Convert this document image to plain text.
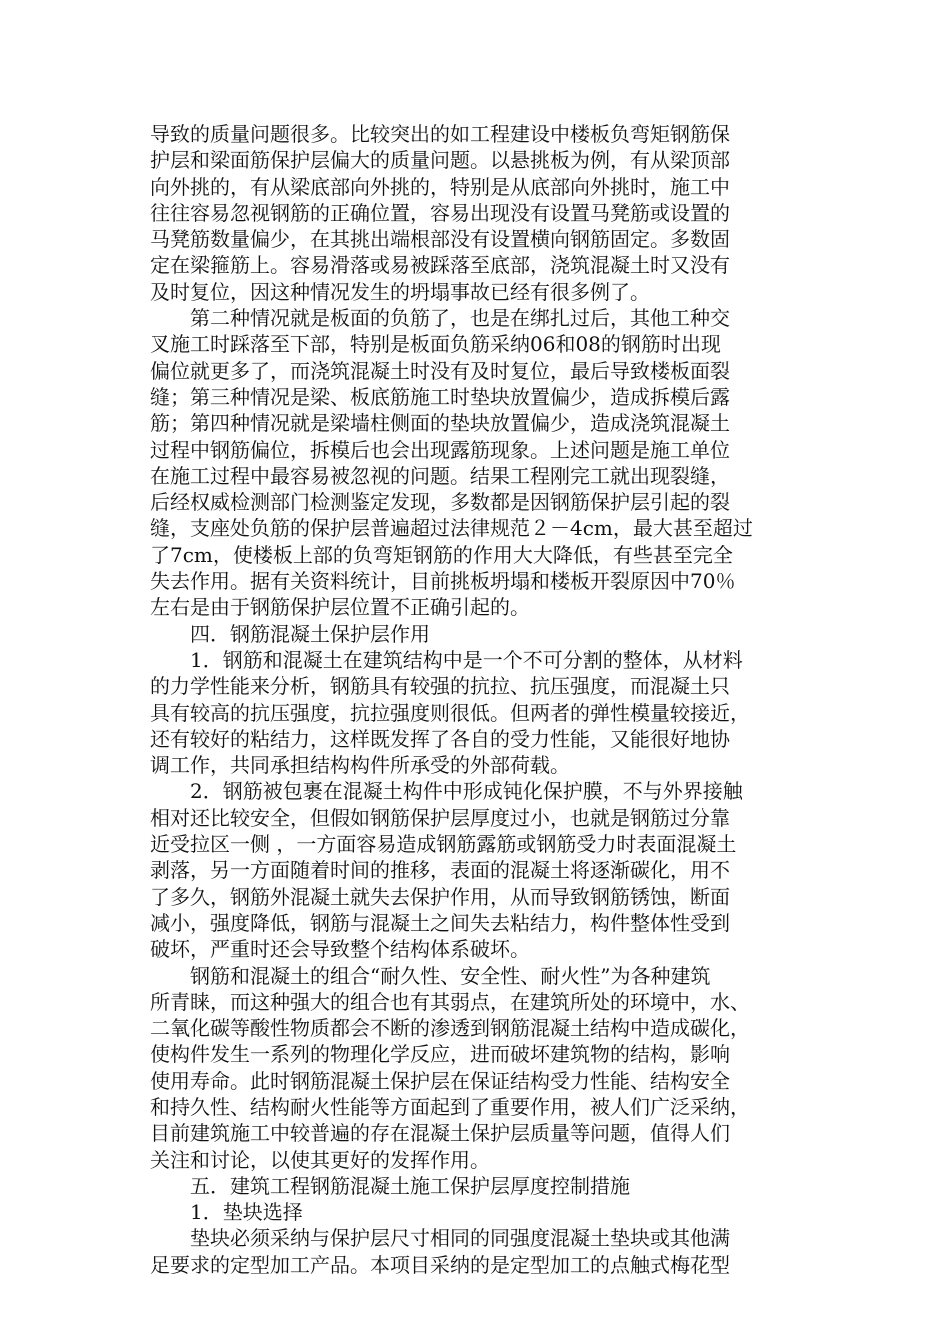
导致的质量问题很多。比较突出的如工程建设中楼板负弯矩钢筋保
护层和梁面筋保护层偏大的质量问题。以悬挑板为例，有从梁顶部
向外挑的，有从梁底部向外挑的，特别是从底部向外挑时，施工中
往往容易忽视钢筋的正确位置，容易出现没有设置马凳筋或设置的
马凳筋数量偏少，在其挑出端根部没有设置横向钢筋固定。多数固
定在梁箍筋上。容易滑落或易被踩落至底部，浇筑混凝土时又没有
及时复位，因这种情况发生的坍塌事故已经有很多例了。
　　第二种情况就是板面的负筋了，也是在绑扎过后，其他工种交
叉施工时踩落至下部，特别是板面负筋采纳06和08的钢筋时出现
偏位就更多了，而浇筑混凝土时没有及时复位，最后导致楼板面裂
缝；第三种情况是梁、板底筋施工时垫块放置偏少，造成拆模后露
筋；第四种情况就是梁墙柱侧面的垫块放置偏少，造成浇筑混凝土
过程中钢筋偏位，拆模后也会出现露筋现象。上述问题是施工单位
在施工过程中最容易被忽视的问题。结果工程刚完工就出现裂缝，
后经权威检测部门检测鉴定发现，多数都是因钢筋保护层引起的裂
缝，支座处负筋的保护层普遍超过法律规范２－4cm，最大甚至超过
了7cm，使楼板上部的负弯矩钢筋的作用大大降低，有些甚至完全
失去作用。据有关资料统计，目前挑板坍塌和楼板开裂原因中70％
左右是由于钢筋保护层位置不正确引起的。
　　四．钢筋混凝土保护层作用
　　1．钢筋和混凝土在建筑结构中是一个不可分割的整体，从材料
的力学性能来分析，钢筋具有较强的抗拉、抗压强度，而混凝土只
具有较高的抗压强度，抗拉强度则很低。但两者的弹性模量较接近，
还有较好的粘结力，这样既发挥了各自的受力性能，又能很好地协
调工作，共同承担结构构件所承受的外部荷载。
　　2．钢筋被包裹在混凝土构件中形成钝化保护膜，不与外界接触
相对还比较安全，但假如钢筋保护层厚度过小，也就是钢筋过分靠
近受拉区一侧 ，一方面容易造成钢筋露筋或钢筋受力时表面混凝土
剥落，另一方面随着时间的推移，表面的混凝土将逐渐碳化，用不
了多久，钢筋外混凝土就失去保护作用，从而导致钢筋锈蚀，断面
减小，强度降低，钢筋与混凝土之间失去粘结力，构件整体性受到
破坏，严重时还会导致整个结构体系破坏。
　　钢筋和混凝土的组合“耐久性、安全性、耐火性”为各种建筑
所青睐，而这种强大的组合也有其弱点，在建筑所处的环境中，水、
二氧化碳等酸性物质都会不断的渗透到钢筋混凝土结构中造成碳化，
使构件发生一系列的物理化学反应，进而破坏建筑物的结构，影响
使用寿命。此时钢筋混凝土保护层在保证结构受力性能、结构安全
和持久性、结构耐火性能等方面起到了重要作用，被人们广泛采纳，
目前建筑施工中较普遍的存在混凝土保护层质量等问题，值得人们
关注和讨论，以使其更好的发挥作用。
　　五．建筑工程钢筋混凝土施工保护层厚度控制措施
　　1．垫块选择
　　垫块必须采纳与保护层尺寸相同的同强度混凝土垫块或其他满
足要求的定型加工产品。本项目采纳的是定型加工的点触式梅花型
